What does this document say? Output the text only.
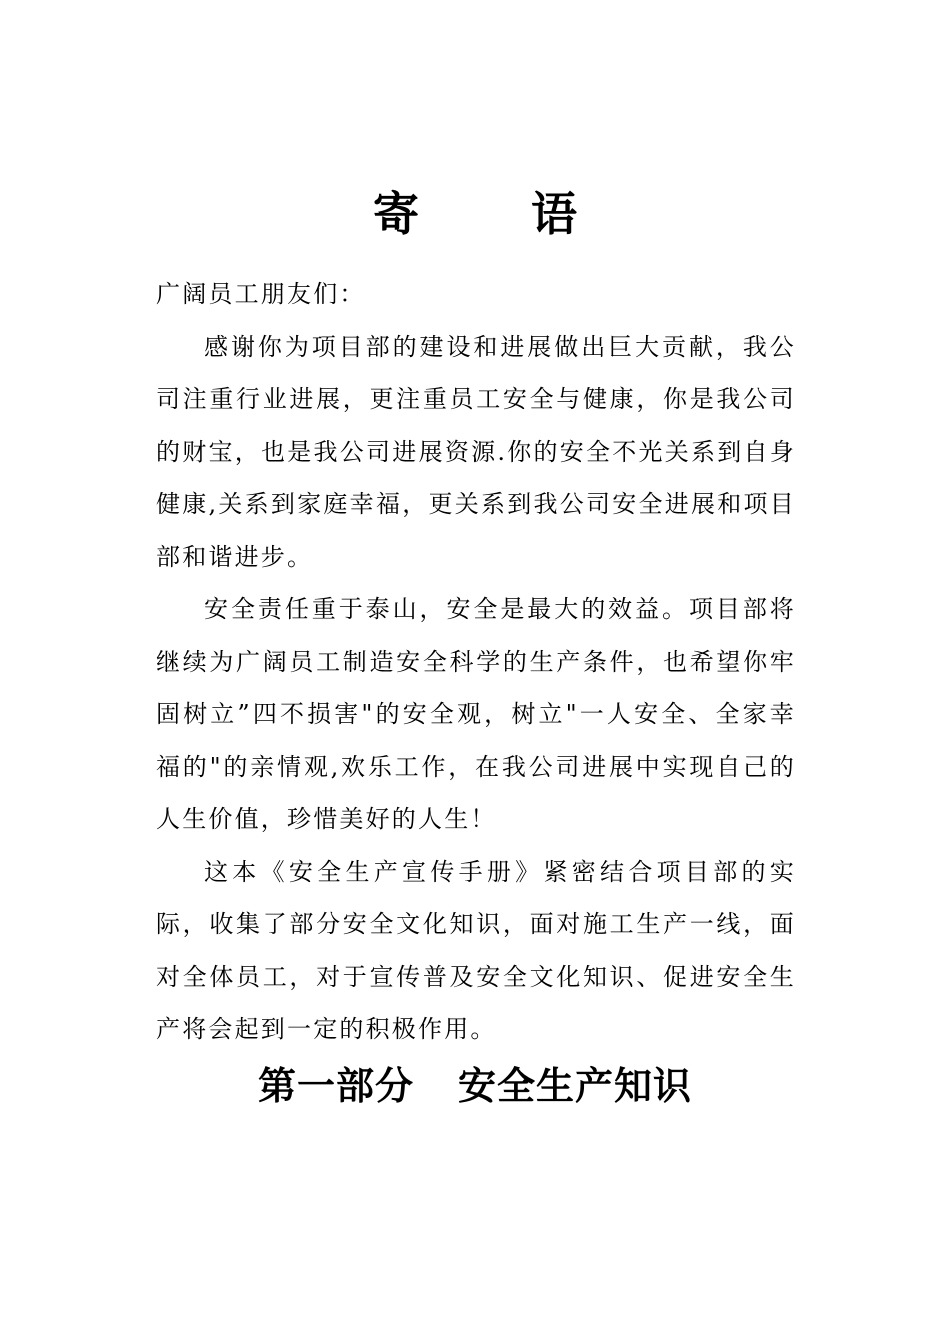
寄 语

广阔员工朋友们：

感谢你为项目部的建设和进展做出巨大贡献，我公司注重行业进展，更注重员工安全与健康，你是我公司的财宝，也是我公司进展资源.你的安全不光关系到自身健康,关系到家庭幸福，更关系到我公司安全进展和项目部和谐进步。

安全责任重于泰山，安全是最大的效益。项目部将继续为广阔员工制造安全科学的生产条件，也希望你牢固树立”四不损害"的安全观，树立"一人安全、全家幸福的"的亲情观,欢乐工作，在我公司进展中实现自己的人生价值，珍惜美好的人生！

这本《安全生产宣传手册》紧密结合项目部的实际，收集了部分安全文化知识，面对施工生产一线，面对全体员工，对于宣传普及安全文化知识、促进安全生产将会起到一定的积极作用。

第一部分 安全生产知识
